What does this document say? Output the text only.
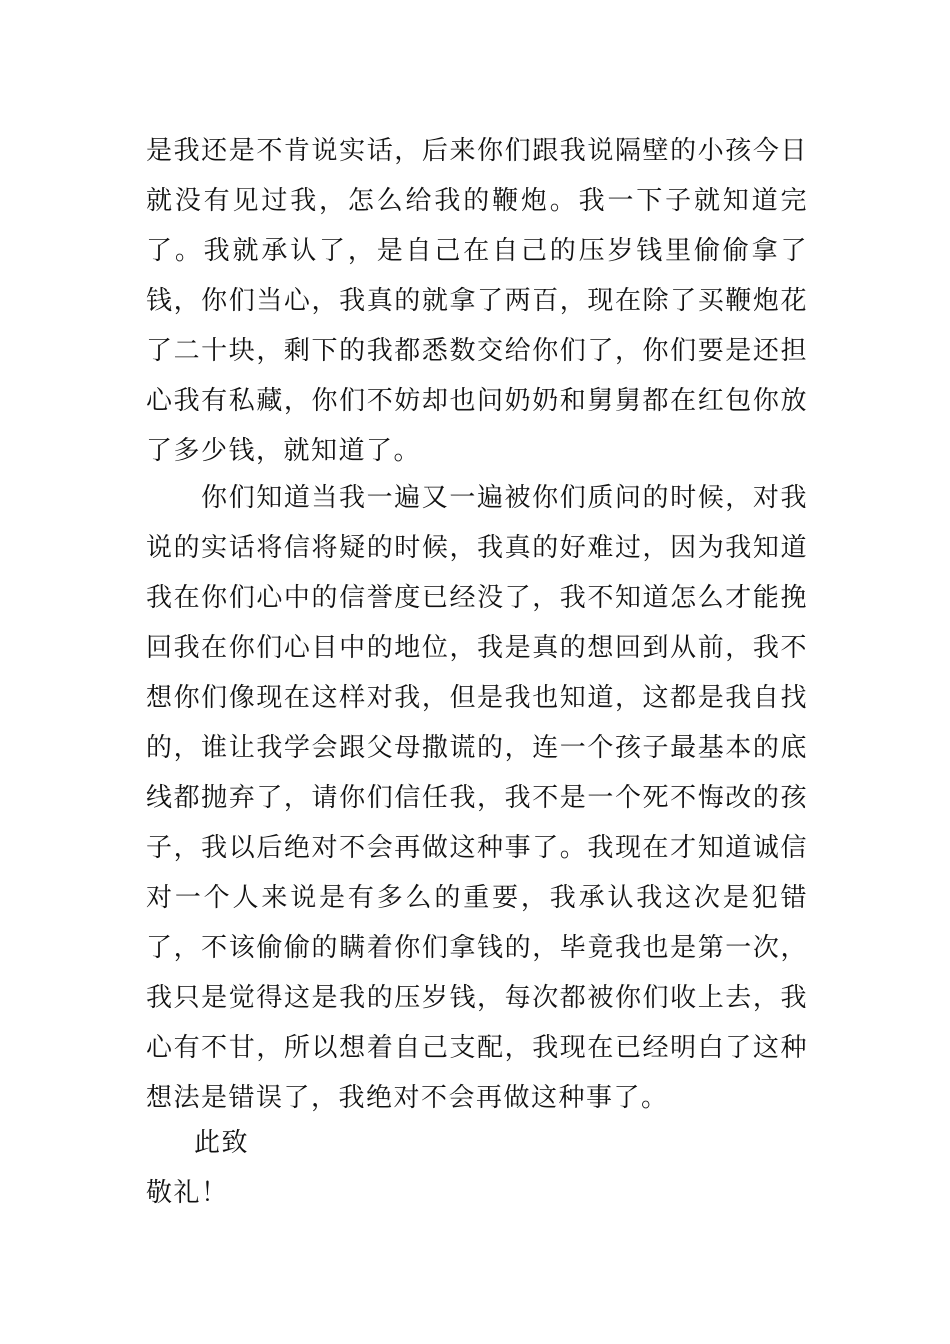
是我还是不肯说实话，后来你们跟我说隔壁的小孩今日就没有见过我，怎么给我的鞭炮。我一下子就知道完了。我就承认了，是自己在自己的压岁钱里偷偷拿了钱，你们当心，我真的就拿了两百，现在除了买鞭炮花了二十块，剩下的我都悉数交给你们了，你们要是还担心我有私藏，你们不妨却也问奶奶和舅舅都在红包你放了多少钱，就知道了。

你们知道当我一遍又一遍被你们质问的时候，对我说的实话将信将疑的时候，我真的好难过，因为我知道我在你们心中的信誉度已经没了，我不知道怎么才能挽回我在你们心目中的地位，我是真的想回到从前，我不想你们像现在这样对我，但是我也知道，这都是我自找的，谁让我学会跟父母撒谎的，连一个孩子最基本的底线都抛弃了，请你们信任我，我不是一个死不悔改的孩子，我以后绝对不会再做这种事了。我现在才知道诚信对一个人来说是有多么的重要，我承认我这次是犯错了，不该偷偷的瞒着你们拿钱的，毕竟我也是第一次，我只是觉得这是我的压岁钱，每次都被你们收上去，我心有不甘，所以想着自己支配，我现在已经明白了这种想法是错误了，我绝对不会再做这种事了。

此致

敬礼！
